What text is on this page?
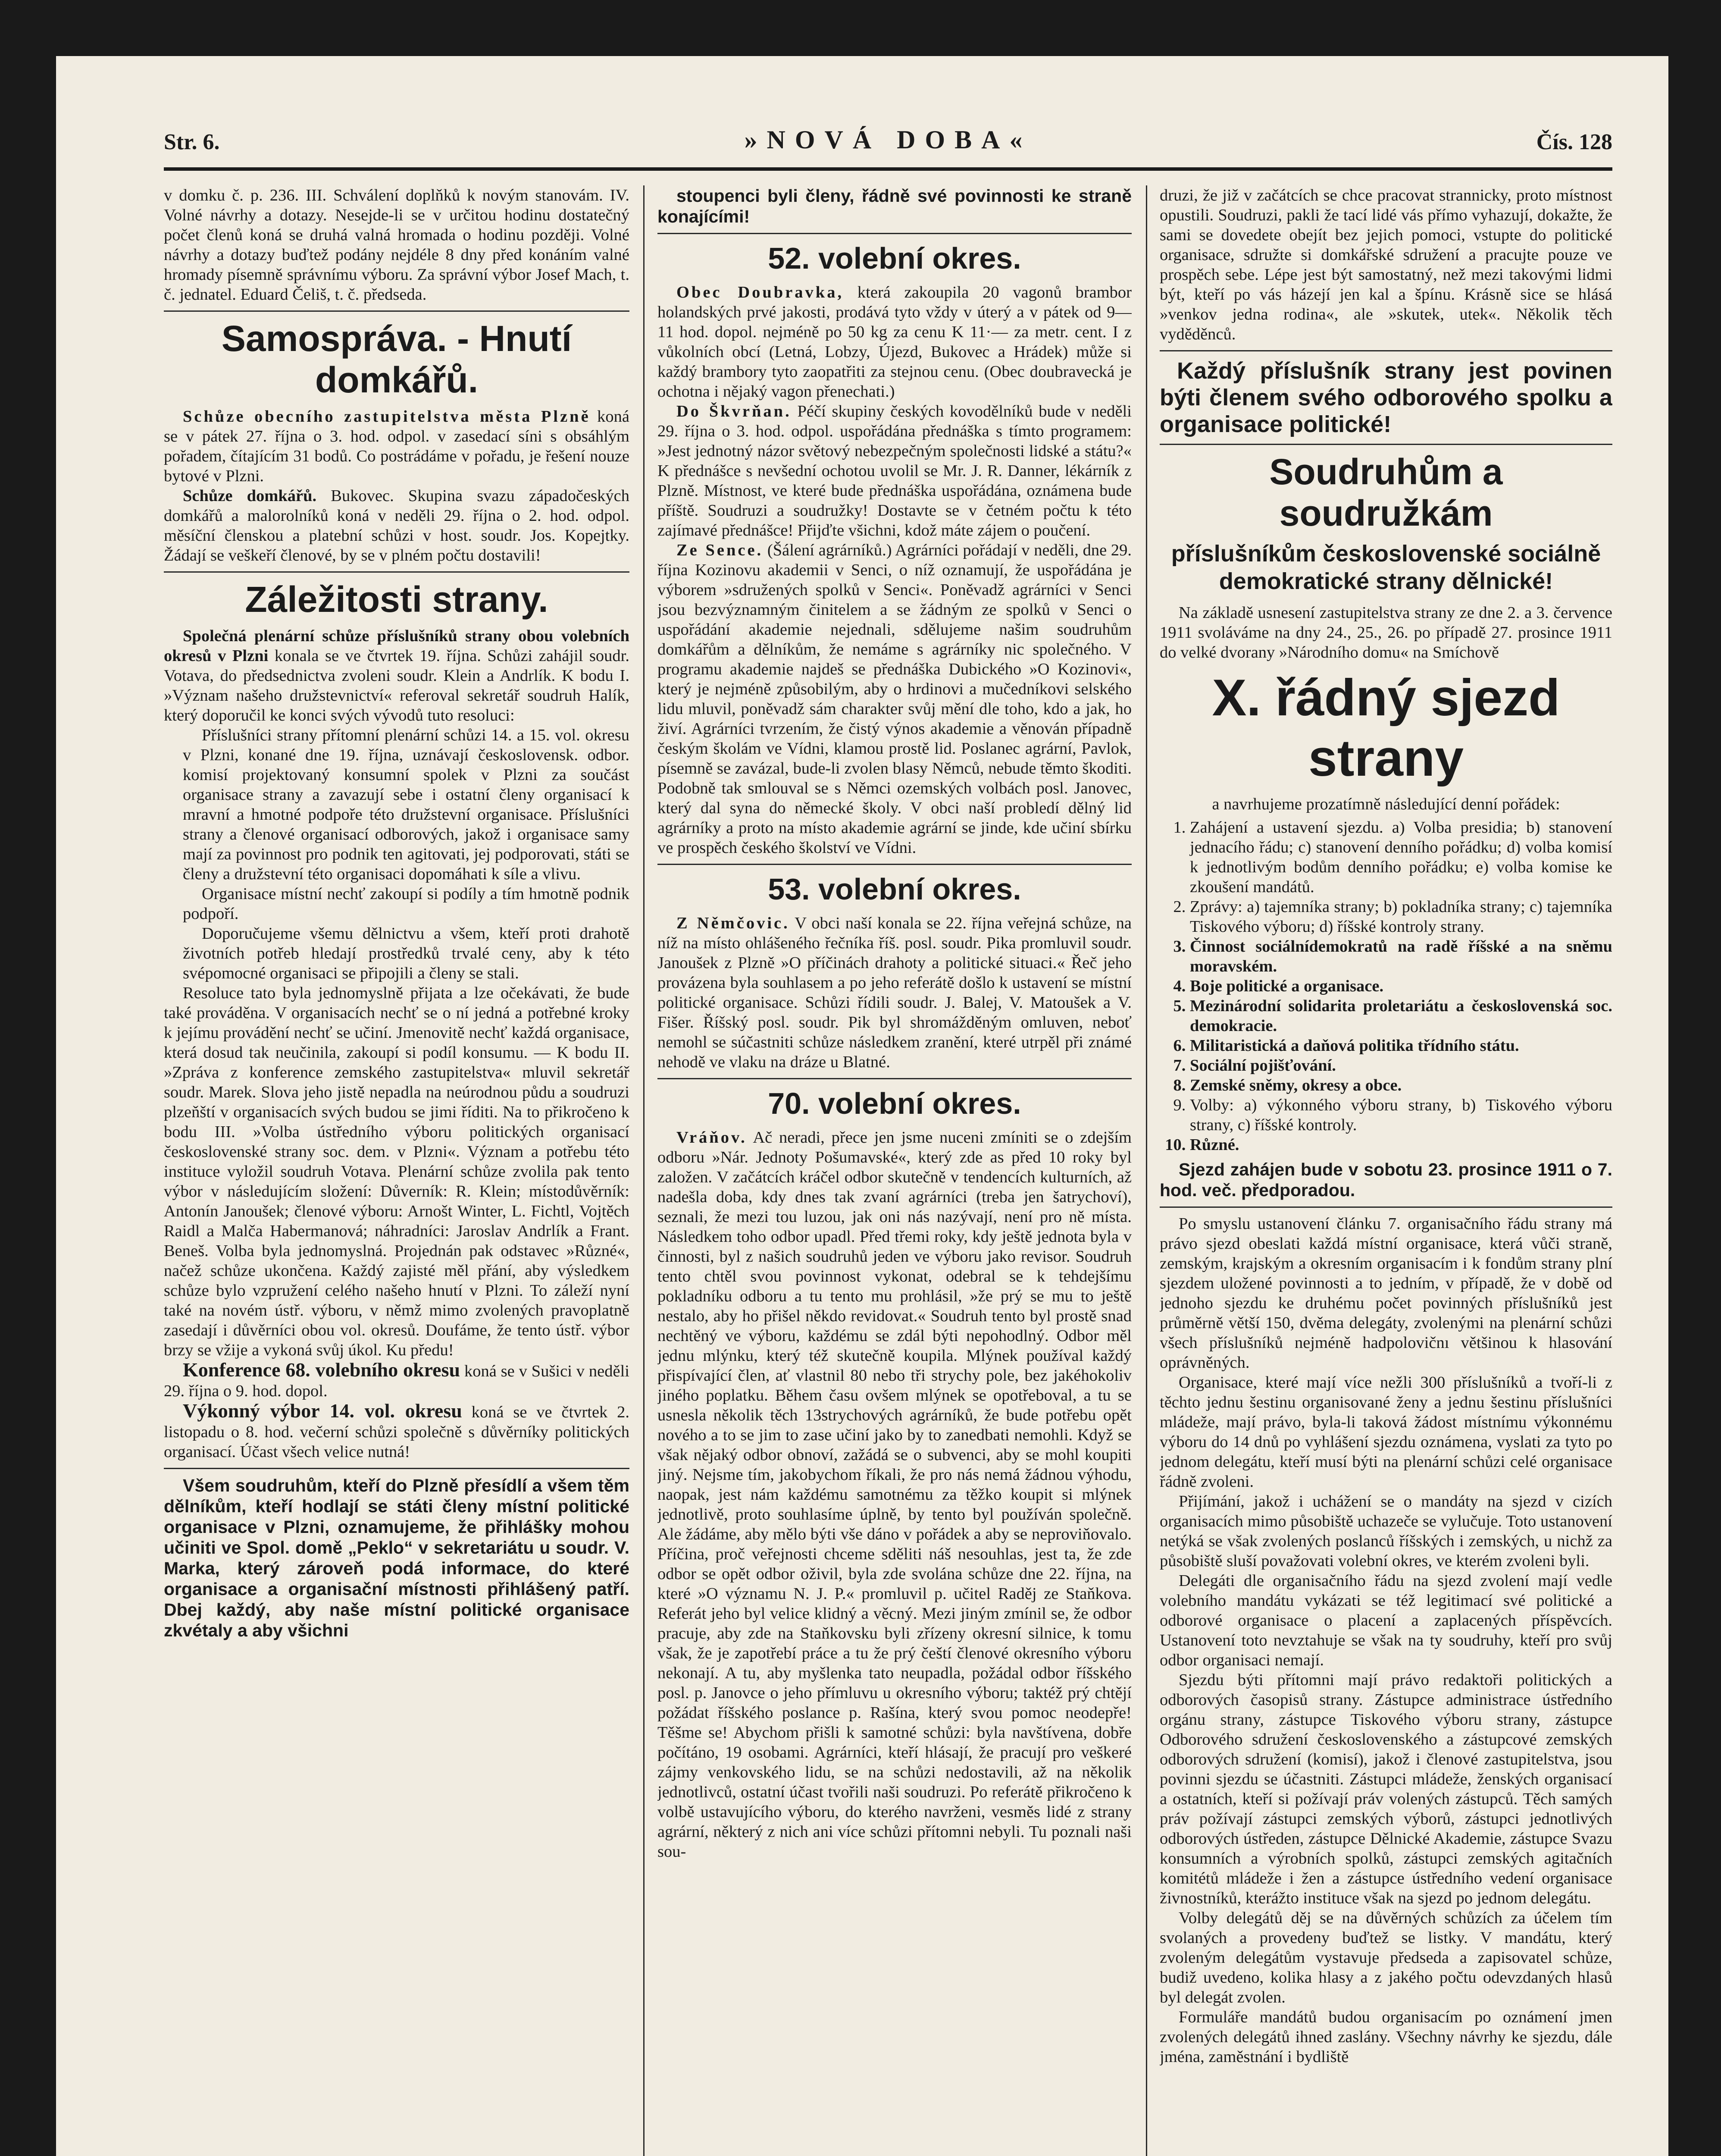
Str. 6.	»NOVÁ DOBA«	Čís. 128

v domku č. p. 236. III. Schválení doplňků k novým stanovám. IV. Volné návrhy a dotazy. Nesejde-li se v určitou hodinu dostatečný počet členů koná se druhá valná hromada o hodinu později. Volné návrhy a dotazy buďtež podány nejdéle 8 dny před konáním valné hromady písemně správnímu výboru. Za správní výbor Josef Mach, t. č. jednatel. Eduard Čeliš, t. č. předseda.

Samospráva. - Hnutí domkářů.

Schůze obecního zastupitelstva města Plzně koná se v pátek 27. října o 3. hod. odpol. v zasedací síni s obsáhlým pořadem, čítajícím 31 bodů. Co postrádáme v pořadu, je řešení nouze bytové v Plzni.

Schůze domkářů. Bukovec. Skupina svazu západočeských domkářů a malorolníků koná v neděli 29. října o 2. hod. odpol. měsíční členskou a platební schůzi v host. soudr. Jos. Kopejtky. Žádají se veškeří členové, by se v plném počtu dostavili!

Záležitosti strany.

Společná plenární schůze příslušníků strany obou volebních okresů v Plzni konala se ve čtvrtek 19. října. Schůzi zahájil soudr. Votava, do předsednictva zvoleni soudr. Klein a Andrlík. K bodu I. »Význam našeho družstevnictví« referoval sekretář soudruh Halík, který doporučil ke konci svých vývodů tuto resoluci:

Příslušníci strany přítomní plenární schůzi 14. a 15. vol. okresu v Plzni, konané dne 19. října, uznávají československ. odbor. komisí projektovaný konsumní spolek v Plzni za součást organisace strany a zavazují sebe i ostatní členy organisací k mravní a hmotné podpoře této družstevní organisace. Příslušníci strany a členové organisací odborových, jakož i organisace samy mají za povinnost pro podnik ten agitovati, jej podporovati, státi se členy a družstevní této organisaci dopomáhati k síle a vlivu.

Organisace místní nechť zakoupí si podíly a tím hmotně podnik podpoří.

Doporučujeme všemu dělnictvu a všem, kteří proti drahotě životních potřeb hledají prostředků trvalé ceny, aby k této svépomocné organisaci se připojili a členy se stali.

Resoluce tato byla jednomyslně přijata a lze očekávati, že bude také prováděna. V organisacích nechť se o ní jedná a potřebné kroky k jejímu provádění nechť se učiní. Jmenovitě nechť každá organisace, která dosud tak neučinila, zakoupí si podíl konsumu. — K bodu II. »Zpráva z konference zemského zastupitelstva« mluvil sekretář soudr. Marek. Slova jeho jistě nepadla na neúrodnou půdu a soudruzi plzeňští v organisacích svých budou se jimi říditi. Na to přikročeno k bodu III. »Volba ústředního výboru politických organisací československé strany soc. dem. v Plzni«. Význam a potřebu této instituce vyložil soudruh Votava. Plenární schůze zvolila pak tento výbor v následujícím složení: Důverník: R. Klein; místodůvěrník: Antonín Janoušek; členové výboru: Arnošt Winter, L. Fichtl, Vojtěch Raidl a Malča Habermanová; náhradníci: Jaroslav Andrlík a Frant. Beneš. Volba byla jednomyslná. Projednán pak odstavec »Různé«, načež schůze ukončena. Každý zajisté měl přání, aby výsledkem schůze bylo vzpružení celého našeho hnutí v Plzni. To záleží nyní také na novém ústř. výboru, v němž mimo zvolených pravoplatně zasedají i důvěrníci obou vol. okresů. Doufáme, že tento ústř. výbor brzy se vžije a vykoná svůj úkol. Ku předu!

Konference 68. volebního okresu koná se v Sušici v neděli 29. října o 9. hod. dopol.

Výkonný výbor 14. vol. okresu koná se ve čtvrtek 2. listopadu o 8. hod. večerní schůzi společně s důvěrníky politických organisací. Účast všech velice nutná!

Všem soudruhům, kteří do Plzně přesídlí a všem těm dělníkům, kteří hodlají se státi členy místní politické organisace v Plzni, oznamujeme, že přihlášky mohou učiniti ve Spol. domě „Peklo“ v sekretariátu u soudr. V. Marka, který zároveň podá informace, do které organisace a organisační místnosti přihlášený patří. Dbej každý, aby naše místní politické organisace zkvétaly a aby všichni

stoupenci byli členy, řádně své povinnosti ke straně konajícími!

52. volební okres.

Obec Doubravka, která zakoupila 20 vagonů brambor holandských prvé jakosti, prodává tyto vždy v úterý a v pátek od 9—11 hod. dopol. nejméně po 50 kg za cenu K 11·— za metr. cent. I z vůkolních obcí (Letná, Lobzy, Újezd, Bukovec a Hrádek) může si každý brambory tyto zaopatřiti za stejnou cenu. (Obec doubravecká je ochotna i nějaký vagon přenechati.)

Do Škvrňan. Péčí skupiny českých kovodělníků bude v neděli 29. října o 3. hod. odpol. uspořádána přednáška s tímto programem: »Jest jednotný názor světový nebezpečným společnosti lidské a státu?« K přednášce s nevšední ochotou uvolil se Mr. J. R. Danner, lékárník z Plzně. Místnost, ve které bude přednáška uspořádána, oznámena bude příště. Soudruzi a soudružky! Dostavte se v četném počtu k této zajímavé přednášce! Přijďte všichni, kdož máte zájem o poučení.

Ze Sence. (Šálení agrárníků.) Agrárníci pořádají v neděli, dne 29. října Kozinovu akademii v Senci, o níž oznamují, že uspořádána je výborem »sdružených spolků v Senci«. Poněvadž agrárníci v Senci jsou bezvýznamným činitelem a se žádným ze spolků v Senci o uspořádání akademie nejednali, sdělujeme našim soudruhům domkářům a dělníkům, že nemáme s agrárníky nic společného. V programu akademie najdeš se přednáška Dubického »O Kozinovi«, který je nejméně způsobilým, aby o hrdinovi a mučedníkovi selského lidu mluvil, poněvadž sám charakter svůj mění dle toho, kdo a jak, ho živí. Agrárníci tvrzením, že čistý výnos akademie a věnován případně českým školám ve Vídni, klamou prostě lid. Poslanec agrární, Pavlok, písemně se zavázal, bude-li zvolen blasy Němců, nebude těmto škoditi. Podobně tak smlouval se s Němci ozemských volbách posl. Janovec, který dal syna do německé školy. V obci naší probledí dělný lid agrárníky a proto na místo akademie agrární se jinde, kde učiní sbírku ve prospěch českého školství ve Vídni.

53. volební okres.

Z Němčovic. V obci naší konala se 22. října veřejná schůze, na níž na místo ohlášeného řečníka říš. posl. soudr. Pika promluvil soudr. Janoušek z Plzně »O příčinách drahoty a politické situaci.« Řeč jeho provázena byla souhlasem a po jeho referátě došlo k ustavení se místní politické organisace. Schůzi řídili soudr. J. Balej, V. Matoušek a V. Fišer. Říšský posl. soudr. Pik byl shromážděným omluven, neboť nemohl se súčastniti schůze následkem zranění, které utrpěl při známé nehodě ve vlaku na dráze u Blatné.

70. volební okres.

Vráňov. Ač neradi, přece jen jsme nuceni zmíniti se o zdejším odboru »Nár. Jednoty Pošumavské«, který zde as před 10 roky byl založen. V začátcích kráčel odbor skutečně v tendencích kulturních, až nadešla doba, kdy dnes tak zvaní agrárníci (treba jen šatrychoví), seznali, že mezi tou luzou, jak oni nás nazývají, není pro ně místa. Následkem toho odbor upadl. Před třemi roky, kdy ještě jednota byla v činnosti, byl z našich soudruhů jeden ve výboru jako revisor. Soudruh tento chtěl svou povinnost vykonat, odebral se k tehdejšímu pokladníku odboru a tu tento mu prohlásil, »že prý se mu to ještě nestalo, aby ho přišel někdo revidovat.« Soudruh tento byl prostě snad nechtěný ve výboru, každému se zdál býti nepohodlný. Odbor měl jednu mlýnku, který též skutečně koupila. Mlýnek používal každý přispívající člen, ať vlastnil 80 nebo tři strychy pole, bez jakéhokoliv jiného poplatku. Během času ovšem mlýnek se opotřeboval, a tu se usnesla několik těch 13strychových agrárníků, že bude potřebu opět nového a to se jim to zase učiní jako by to zanedbati nemohli. Když se však nějaký odbor obnoví, zažádá se o subvenci, aby se mohl koupiti jiný. Nejsme tím, jakobychom říkali, že pro nás nemá žádnou výhodu, naopak, jest nám každému samotnému za těžko koupit si mlýnek jednotlivě, proto souhlasíme úplně, by tento byl používán společně. Ale žádáme, aby mělo býti vše dáno v pořádek a aby se neproviňovalo. Příčina, proč veřejnosti chceme sděliti náš nesouhlas, jest ta, že zde odbor se opět odbor oživil, byla zde svolána schůze dne 22. října, na které »O významu N. J. P.« promluvil p. učitel Raděj ze Staňkova. Referát jeho byl velice klidný a věcný. Mezi jiným zmínil se, že odbor pracuje, aby zde na Staňkovsku byli zřízeny okresní silnice, k tomu však, že je zapotřebí práce a tu že prý čeští členové okresního výboru nekonají. A tu, aby myšlenka tato neupadla, požádal odbor říšského posl. p. Janovce o jeho přímluvu u okresního výboru; taktéž prý chtějí požádat říšského poslance p. Rašína, který svou pomoc neodepře! Těšme se! Abychom přišli k samotné schůzi: byla navštívena, dobře počítáno, 19 osobami. Agrárníci, kteří hlásají, že pracují pro veškeré zájmy venkovského lidu, se na schůzi nedostavili, až na několik jednotlivců, ostatní účast tvořili naši soudruzi. Po referátě přikročeno k volbě ustavujícího výboru, do kterého navrženi, vesměs lidé z strany agrární, některý z nich ani více schůzi přítomni nebyli. Tu poznali naši sou-

druzi, že již v začátcích se chce pracovat strannicky, proto místnost opustili. Soudruzi, pakli že tací lidé vás přímo vyhazují, dokažte, že sami se dovedete obejít bez jejich pomoci, vstupte do politické organisace, sdružte si domkářské sdružení a pracujte pouze ve prospěch sebe. Lépe jest být samostatný, než mezi takovými lidmi být, kteří po vás házejí jen kal a špínu. Krásně sice se hlásá »venkov jedna rodina«, ale »skutek, utek«. Několik těch vyděděnců.

Každý příslušník strany jest povinen býti členem svého odborového spolku a organisace politické!

Soudruhům a soudružkám
příslušníkům československé sociálně demokratické strany dělnické!

Na základě usnesení zastupitelstva strany ze dne 2. a 3. července 1911 svoláváme na dny 24., 25., 26. po případě 27. prosince 1911 do velké dvorany »Národního domu« na Smíchově

X. řádný sjezd strany

a navrhujeme prozatímně následující denní pořádek:

1. Zahájení a ustavení sjezdu. a) Volba presidia; b) stanovení jednacího řádu; c) stanovení denního pořádku; d) volba komisí k jednotlivým bodům denního pořádku; e) volba komise ke zkoušení mandátů.
2. Zprávy: a) tajemníka strany; b) pokladníka strany; c) tajemníka Tiskového výboru; d) říšské kontroly strany.
3. Činnost sociálnídemokratů na radě říšské a na sněmu moravském.
4. Boje politické a organisace.
5. Mezinárodní solidarita proletariátu a československá soc. demokracie.
6. Militaristická a daňová politika třídního státu.
7. Sociální pojišťování.
8. Zemské sněmy, okresy a obce.
9. Volby: a) výkonného výboru strany, b) Tiskového výboru strany, c) říšské kontroly.
10. Různé.

Sjezd zahájen bude v sobotu 23. prosince 1911 o 7. hod. več. předporadou.

Po smyslu ustanovení článku 7. organisačního řádu strany má právo sjezd obeslati každá místní organisace, která vůči straně, zemským, krajským a okresním organisacím i k fondům strany plní sjezdem uložené povinnosti a to jedním, v případě, že v době od jednoho sjezdu ke druhému počet povinných příslušníků jest průměrně větší 150, dvěma delegáty, zvolenými na plenární schůzi všech příslušníků nejméně hadpolovičnı většinou k hlasování oprávněných.

Organisace, které mají více nežli 300 příslušníků a tvoří-li z těchto jednu šestinu organisované ženy a jednu šestinu příslušníci mládeže, mají právo, byla-li taková žádost místnímu výkonnému výboru do 14 dnů po vyhlášení sjezdu oznámena, vyslati za tyto po jednom delegátu, kteří musí býti na plenární schůzi celé organisace řádně zvoleni.

Přijímání, jakož i uchážení se o mandáty na sjezd v cizích organisacích mimo působiště uchazeče se vylučuje. Toto ustanovení netýká se však zvolených poslanců říšských i zemských, u nichž za působiště sluší považovati volební okres, ve kterém zvoleni byli.

Delegáti dle organisačního řádu na sjezd zvolení mají vedle volebního mandátu vykázati se též legitimací své politické a odborové organisace o placení a zaplacených příspěvcích. Ustanovení toto nevztahuje se však na ty soudruhy, kteří pro svůj odbor organisaci nemají.

Sjezdu býti přítomni mají právo redaktoři politických a odborových časopisů strany. Zástupce administrace ústředního orgánu strany, zástupce Tiskového výboru strany, zástupce Odborového sdružení československého a zástupcové zemských odborových sdružení (komisí), jakož i členové zastupitelstva, jsou povinni sjezdu se účastniti. Zástupci mládeže, ženských organisací a ostatních, kteří si požívají práv volených zástupců. Těch samých práv požívají zástupci zemských výborů, zástupci jednotlivých odborových ústředen, zástupce Dělnické Akademie, zástupce Svazu konsumních a výrobních spolků, zástupci zemských agitačních komitétů mládeže i žen a zástupce ústředního vedení organisace živnostníků, kterážto instituce však na sjezd po jednom delegátu.

Volby delegátů děj se na důvěrných schůzích za účelem tím svolaných a provedeny buďtež se listky. V mandátu, který zvoleným delegátům vystavuje předseda a zapisovatel schůze, budiž uvedeno, kolika hlasy a z jakého počtu odevzdaných hlasů byl delegát zvolen.

Formuláře mandátů budou organisacím po oznámení jmen zvolených delegátů ihned zaslány. Všechny návrhy ke sjezdu, dále jména, zaměstnání i bydliště
